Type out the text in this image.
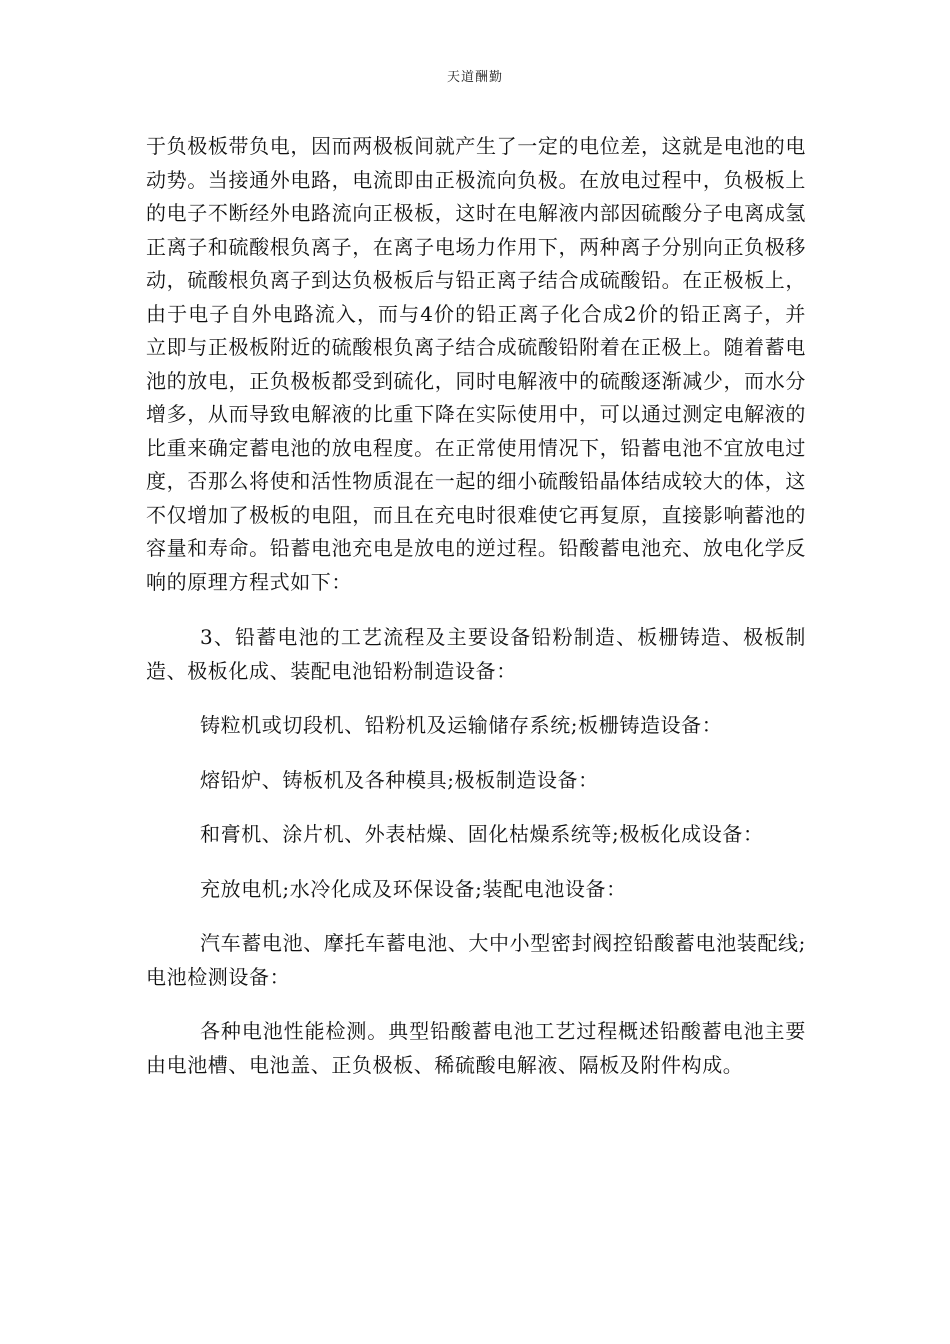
天道酬勤

于负极板带负电，因而两极板间就产生了一定的电位差，这就是电池的电动势。当接通外电路，电流即由正极流向负极。在放电过程中，负极板上的电子不断经外电路流向正极板，这时在电解液内部因硫酸分子电离成氢正离子和硫酸根负离子，在离子电场力作用下，两种离子分别向正负极移动，硫酸根负离子到达负极板后与铅正离子结合成硫酸铅。在正极板上，由于电子自外电路流入，而与4价的铅正离子化合成2价的铅正离子，并立即与正极板附近的硫酸根负离子结合成硫酸铅附着在正极上。随着蓄电池的放电，正负极板都受到硫化，同时电解液中的硫酸逐渐减少，而水分增多，从而导致电解液的比重下降在实际使用中，可以通过测定电解液的比重来确定蓄电池的放电程度。在正常使用情况下，铅蓄电池不宜放电过度，否那么将使和活性物质混在一起的细小硫酸铅晶体结成较大的体，这不仅增加了极板的电阻，而且在充电时很难使它再复原，直接影响蓄池的容量和寿命。铅蓄电池充电是放电的逆过程。铅酸蓄电池充、放电化学反响的原理方程式如下：

3、铅蓄电池的工艺流程及主要设备铅粉制造、板栅铸造、极板制造、极板化成、装配电池铅粉制造设备：

铸粒机或切段机、铅粉机及运输储存系统;板栅铸造设备：

熔铅炉、铸板机及各种模具;极板制造设备：

和膏机、涂片机、外表枯燥、固化枯燥系统等;极板化成设备：

充放电机;水冷化成及环保设备;装配电池设备：

汽车蓄电池、摩托车蓄电池、大中小型密封阀控铅酸蓄电池装配线;电池检测设备：

各种电池性能检测。典型铅酸蓄电池工艺过程概述铅酸蓄电池主要由电池槽、电池盖、正负极板、稀硫酸电解液、隔板及附件构成。
